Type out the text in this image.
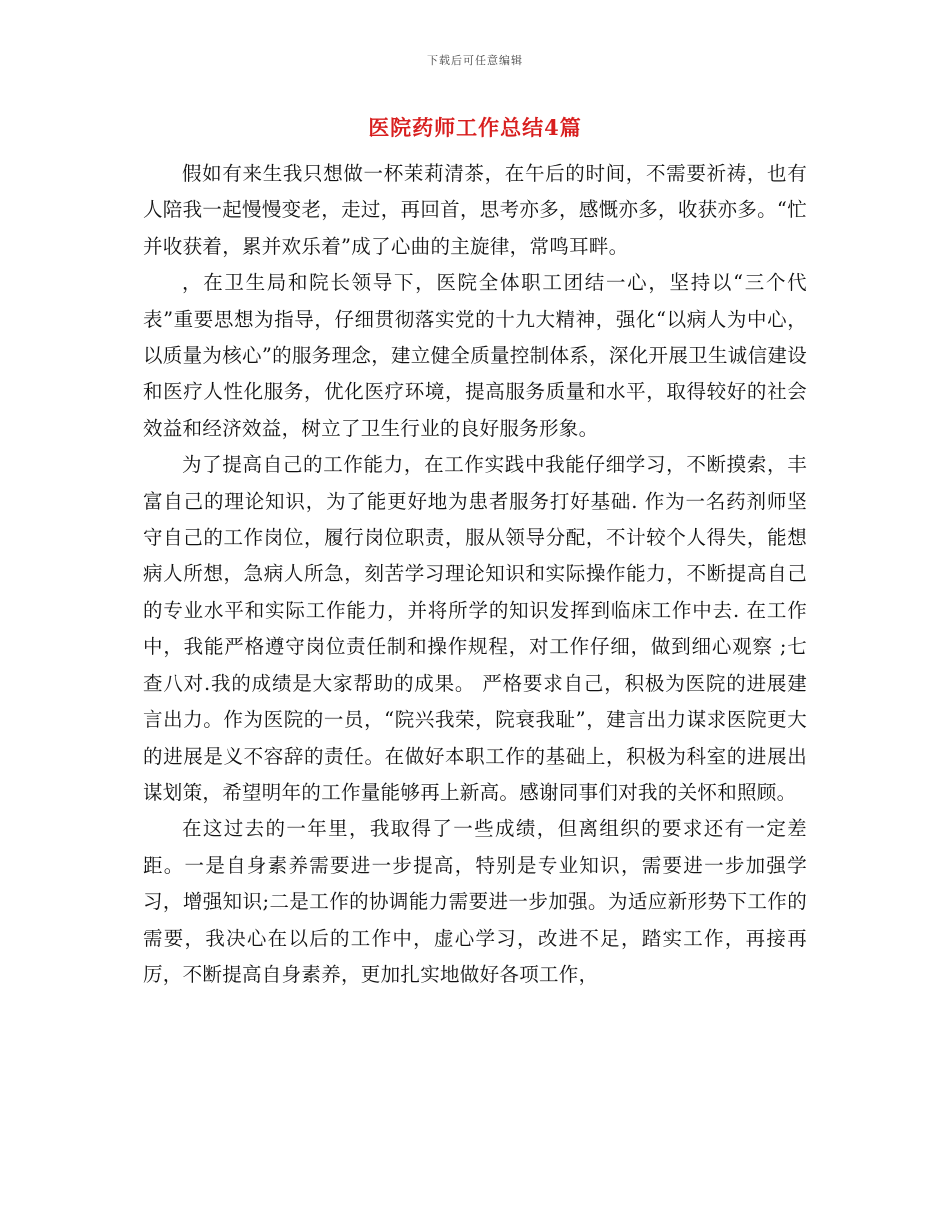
下载后可任意编辑
医院药师工作总结4篇

假如有来生我只想做一杯茉莉清茶，在午后的时间，不需要祈祷，也有人陪我一起慢慢变老，走过，再回首，思考亦多，感慨亦多，收获亦多。“忙并收获着，累并欢乐着”成了心曲的主旋律，常鸣耳畔。

，在卫生局和院长领导下，医院全体职工团结一心，坚持以“三个代表”重要思想为指导，仔细贯彻落实党的十九大精神，强化“以病人为中心，以质量为核心”的服务理念，建立健全质量控制体系，深化开展卫生诚信建设和医疗人性化服务，优化医疗环境，提高服务质量和水平，取得较好的社会效益和经济效益，树立了卫生行业的良好服务形象。

为了提高自己的工作能力，在工作实践中我能仔细学习，不断摸索，丰富自己的理论知识，为了能更好地为患者服务打好基础. 作为一名药剂师坚守自己的工作岗位，履行岗位职责，服从领导分配，不计较个人得失，能想病人所想，急病人所急，刻苦学习理论知识和实际操作能力，不断提高自己的专业水平和实际工作能力，并将所学的知识发挥到临床工作中去. 在工作中，我能严格遵守岗位责任制和操作规程，对工作仔细，做到细心观察 ;七查八对.我的成绩是大家帮助的成果。 严格要求自己，积极为医院的进展建言出力。作为医院的一员，“院兴我荣，院衰我耻”，建言出力谋求医院更大的进展是义不容辞的责任。在做好本职工作的基础上，积极为科室的进展出谋划策，希望明年的工作量能够再上新高。感谢同事们对我的关怀和照顾。

在这过去的一年里，我取得了一些成绩，但离组织的要求还有一定差距。一是自身素养需要进一步提高，特别是专业知识，需要进一步加强学习，增强知识;二是工作的协调能力需要进一步加强。为适应新形势下工作的需要，我决心在以后的工作中，虚心学习，改进不足，踏实工作，再接再厉，不断提高自身素养，更加扎实地做好各项工作，
